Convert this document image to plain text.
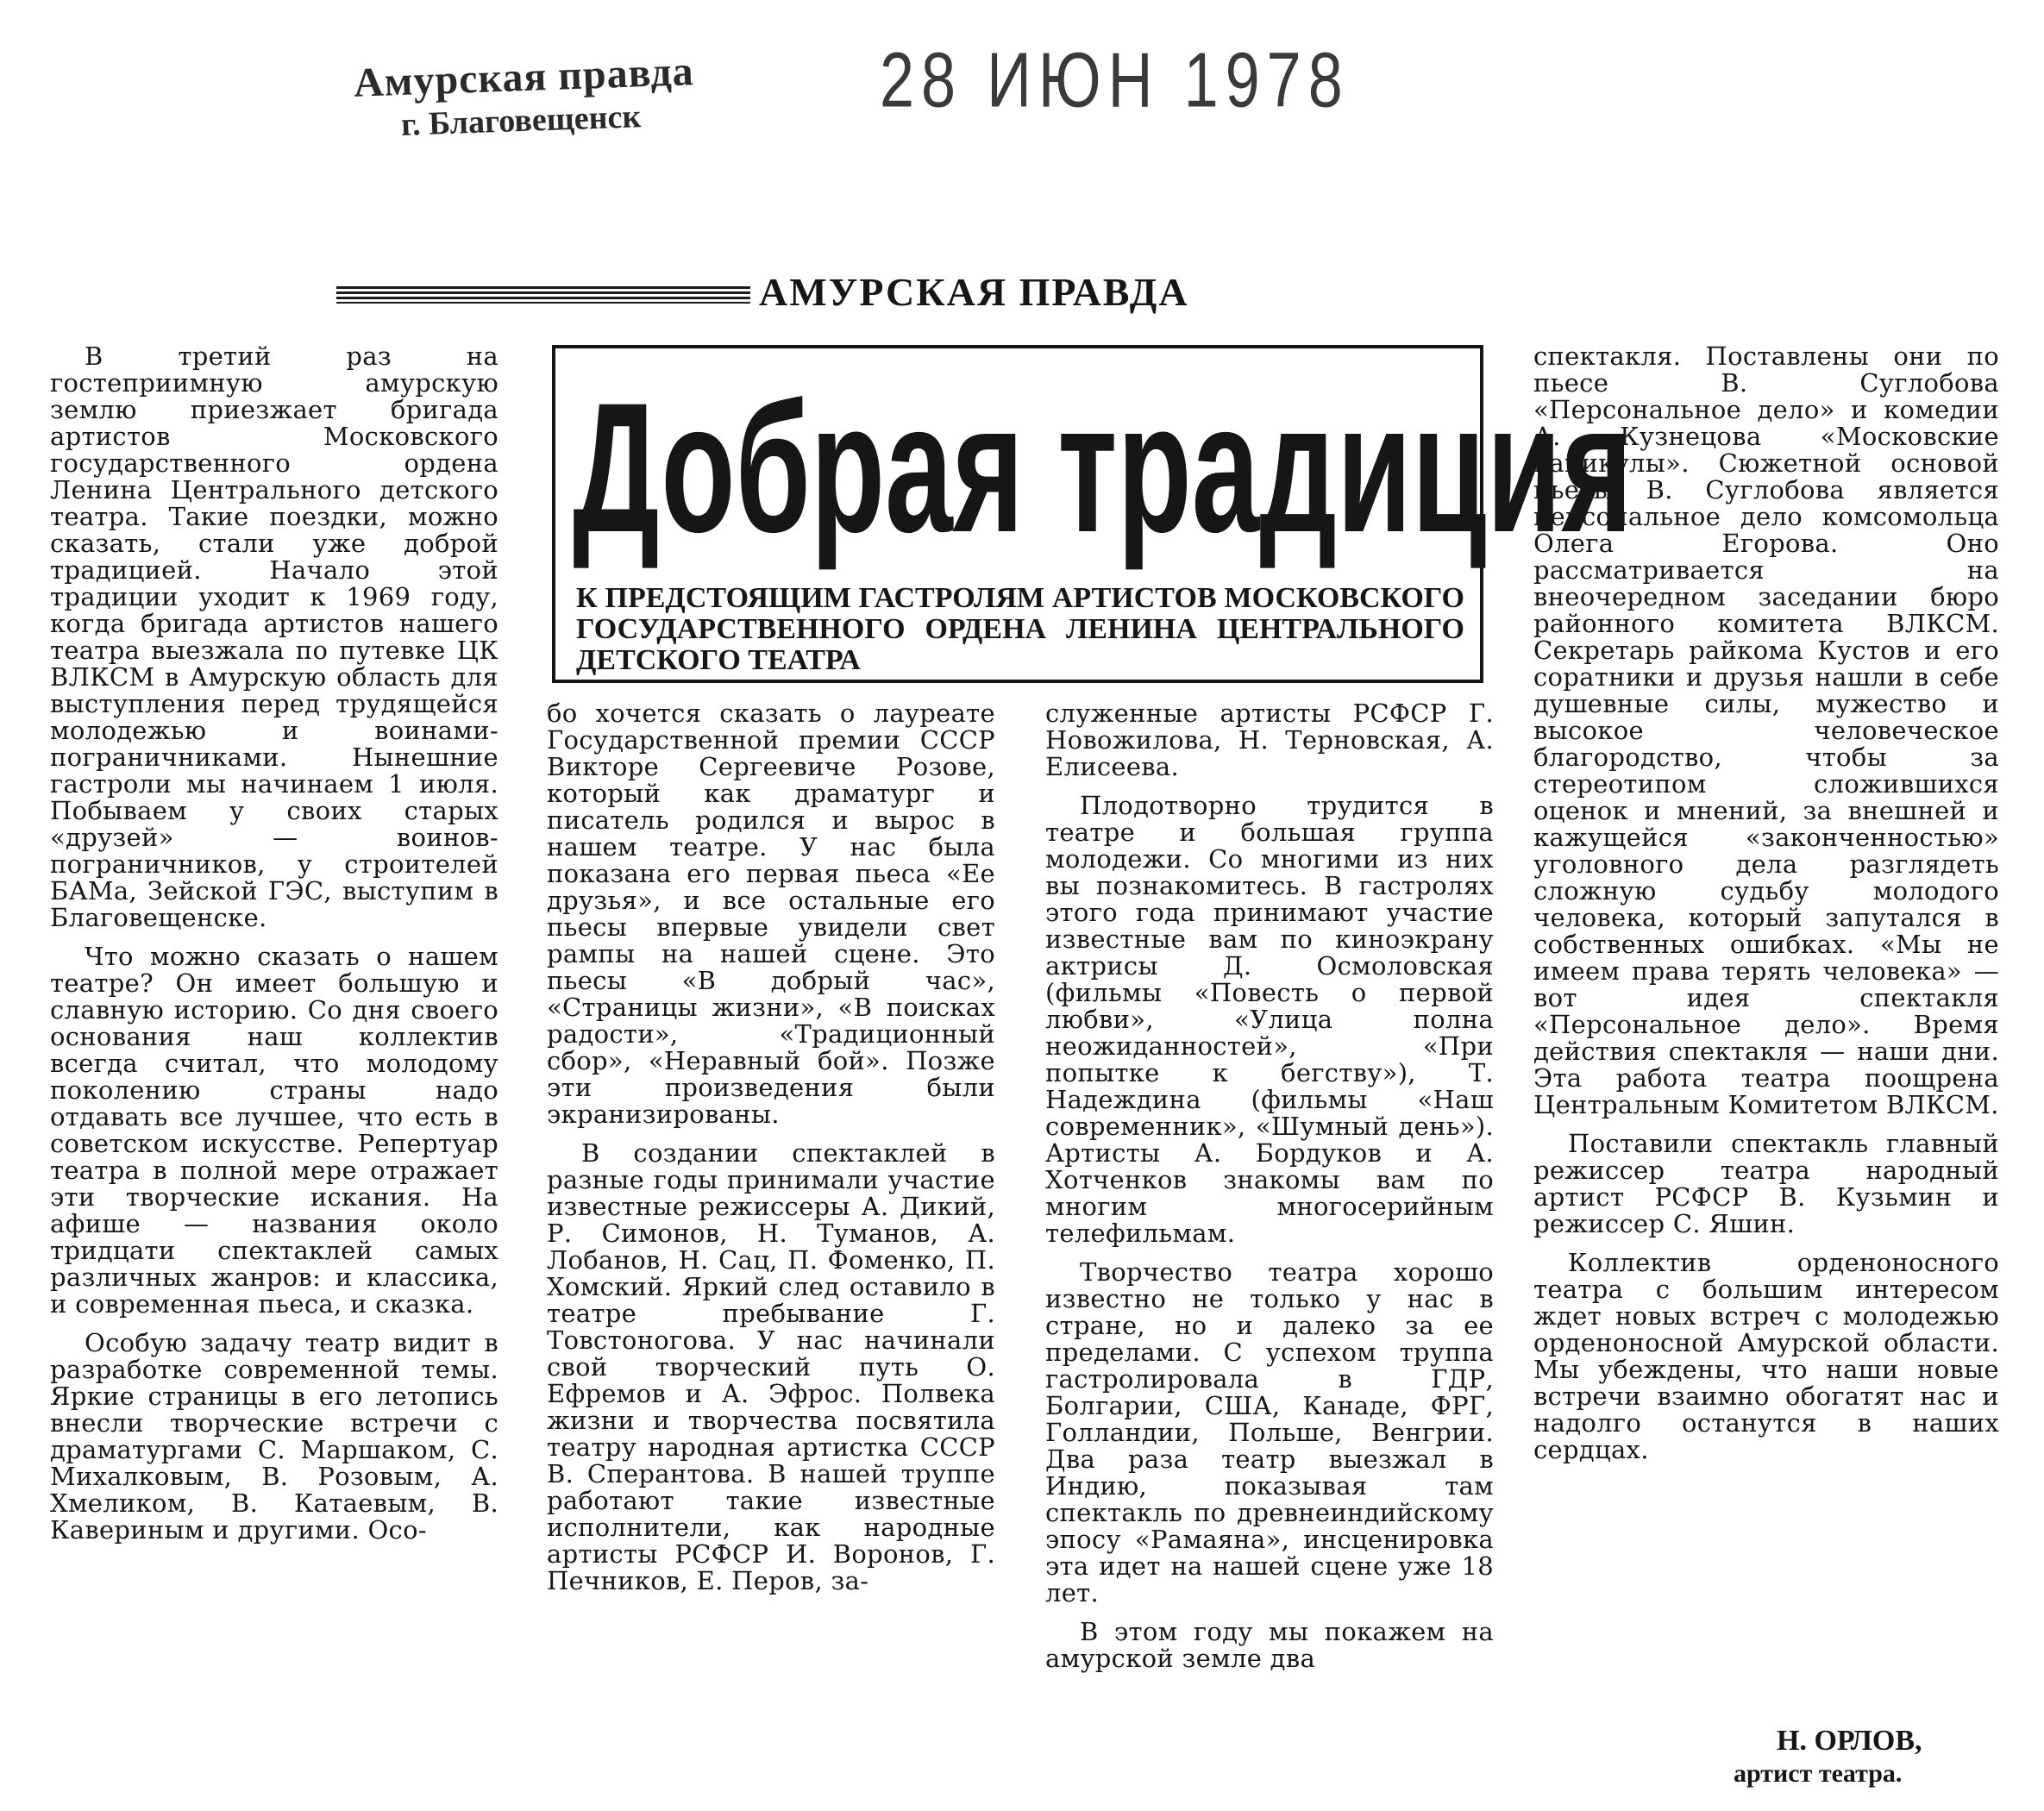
Амурская правда
г. Благовещенск	28 ИЮН 1978
АМУРСКАЯ ПРАВДА
Добрая традиция
К ПРЕДСТОЯЩИМ ГАСТРОЛЯМ АРТИСТОВ МОСКОВСКОГО ГОСУДАРСТВЕННОГО ОРДЕНА ЛЕНИНА ЦЕНТРАЛЬНОГО ДЕТСКОГО ТЕАТРА

В третий раз на гостеприимную амурскую землю приезжает бригада артистов Московского государственного ордена Ленина Центрального детского театра. Такие поездки, можно сказать, стали уже доброй традицией. Начало этой традиции уходит к 1969 году, когда бригада артистов нашего театра выезжала по путевке ЦК ВЛКСМ в Амурскую область для выступления перед трудящейся молодежью и воинами-пограничниками. Нынешние гастроли мы начинаем 1 июля. Побываем у своих старых «друзей» — воинов-пограничников, у строителей БАМа, Зейской ГЭС, выступим в Благовещенске.

Что можно сказать о нашем театре? Он имеет большую и славную историю. Со дня своего основания наш коллектив всегда считал, что молодому поколению страны надо отдавать все лучшее, что есть в советском искусстве. Репертуар театра в полной мере отражает эти творческие искания. На афише — названия около тридцати спектаклей самых различных жанров: и классика, и современная пьеса, и сказка.

Особую задачу театр видит в разработке современной темы. Яркие страницы в его летопись внесли творческие встречи с драматургами С. Маршаком, С. Михалковым, В. Розовым, А. Хмеликом, В. Катаевым, В. Кавериным и другими. Осо-

бо хочется сказать о лауреате Государственной премии СССР Викторе Сергеевиче Розове, который как драматург и писатель родился и вырос в нашем театре. У нас была показана его первая пьеса «Ее друзья», и все остальные его пьесы впервые увидели свет рампы на нашей сцене. Это пьесы «В добрый час», «Страницы жизни», «В поисках радости», «Традиционный сбор», «Неравный бой». Позже эти произведения были экранизированы.

В создании спектаклей в разные годы принимали участие известные режиссеры А. Дикий, Р. Симонов, Н. Туманов, А. Лобанов, Н. Сац, П. Фоменко, П. Хомский. Яркий след оставило в театре пребывание Г. Товстоногова. У нас начинали свой творческий путь О. Ефремов и А. Эфрос. Полвека жизни и творчества посвятила театру народная артистка СССР В. Сперантова. В нашей труппе работают такие известные исполнители, как народные артисты РСФСР И. Воронов, Г. Печников, Е. Перов, за-

служенные артисты РСФСР Г. Новожилова, Н. Терновская, А. Елисеева.

Плодотворно трудится в театре и большая группа молодежи. Со многими из них вы познакомитесь. В гастролях этого года принимают участие известные вам по киноэкрану актрисы Д. Осмоловская (фильмы «Повесть о первой любви», «Улица полна неожиданностей», «При попытке к бегству»), Т. Надеждина (фильмы «Наш современник», «Шумный день»). Артисты А. Бордуков и А. Хотченков знакомы вам по многим многосерийным телефильмам.

Творчество театра хорошо известно не только у нас в стране, но и далеко за ее пределами. С успехом труппа гастролировала в ГДР, Болгарии, США, Канаде, ФРГ, Голландии, Польше, Венгрии. Два раза театр выезжал в Индию, показывая там спектакль по древнеиндийскому эпосу «Рамаяна», инсценировка эта идет на нашей сцене уже 18 лет.

В этом году мы покажем на амурской земле два

спектакля. Поставлены они по пьесе В. Суглобова «Персональное дело» и комедии А. Кузнецова «Московские каникулы». Сюжетной основой пьесы В. Суглобова является персональное дело комсомольца Олега Егорова. Оно рассматривается на внеочередном заседании бюро районного комитета ВЛКСМ. Секретарь райкома Кустов и его соратники и друзья нашли в себе душевные силы, мужество и высокое человеческое благородство, чтобы за стереотипом сложившихся оценок и мнений, за внешней и кажущейся «законченностью» уголовного дела разглядеть сложную судьбу молодого человека, который запутался в собственных ошибках. «Мы не имеем права терять человека» — вот идея спектакля «Персональное дело». Время действия спектакля — наши дни. Эта работа театра поощрена Центральным Комитетом ВЛКСМ.

Поставили спектакль главный режиссер театра народный артист РСФСР В. Кузьмин и режиссер С. Яшин.

Коллектив орденоносного театра с большим интересом ждет новых встреч с молодежью орденоносной Амурской области. Мы убеждены, что наши новые встречи взаимно обогатят нас и надолго останутся в наших сердцах.

Н. ОРЛОВ,
артист театра.
